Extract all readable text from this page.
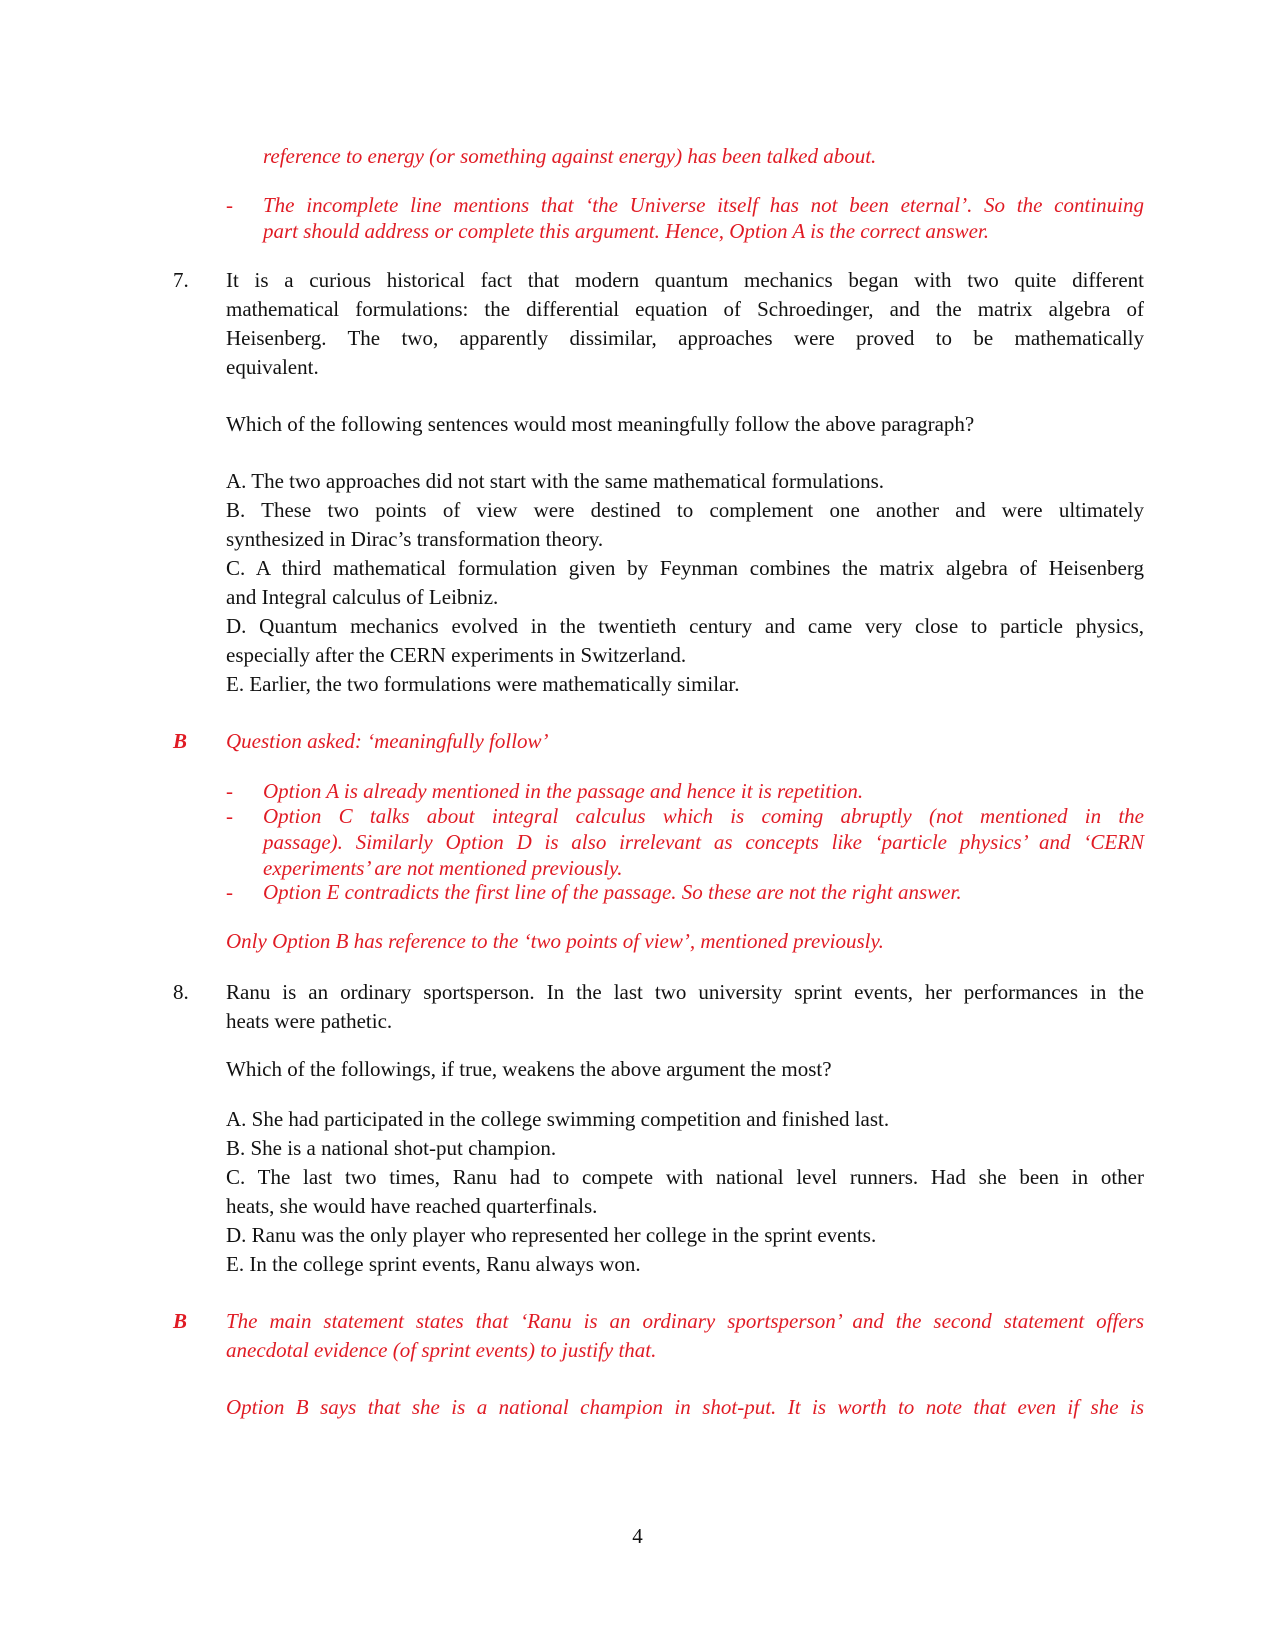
reference to energy (or something against energy) has been talked about.
- The incomplete line mentions that ‘the Universe itself has not been eternal’. So the continuing
part should address or complete this argument. Hence, Option A is the correct answer.
7. It is a curious historical fact that modern quantum mechanics began with two quite different
mathematical formulations: the differential equation of Schroedinger, and the matrix algebra of
Heisenberg. The two, apparently dissimilar, approaches were proved to be mathematically
equivalent.
Which of the following sentences would most meaningfully follow the above paragraph?
A. The two approaches did not start with the same mathematical formulations.
B. These two points of view were destined to complement one another and were ultimately
synthesized in Dirac’s transformation theory.
C. A third mathematical formulation given by Feynman combines the matrix algebra of Heisenberg
and Integral calculus of Leibniz.
D. Quantum mechanics evolved in the twentieth century and came very close to particle physics,
especially after the CERN experiments in Switzerland.
E. Earlier, the two formulations were mathematically similar.
B Question asked: ‘meaningfully follow’
- Option A is already mentioned in the passage and hence it is repetition.
- Option C talks about integral calculus which is coming abruptly (not mentioned in the
passage). Similarly Option D is also irrelevant as concepts like ‘particle physics’ and ‘CERN
experiments’ are not mentioned previously.
- Option E contradicts the first line of the passage. So these are not the right answer.
Only Option B has reference to the ‘two points of view’, mentioned previously.
8. Ranu is an ordinary sportsperson. In the last two university sprint events, her performances in the
heats were pathetic.
Which of the followings, if true, weakens the above argument the most?
A. She had participated in the college swimming competition and finished last.
B. She is a national shot-put champion.
C. The last two times, Ranu had to compete with national level runners. Had she been in other
heats, she would have reached quarterfinals.
D. Ranu was the only player who represented her college in the sprint events.
E. In the college sprint events, Ranu always won.
B The main statement states that ‘Ranu is an ordinary sportsperson’ and the second statement offers
anecdotal evidence (of sprint events) to justify that.
Option B says that she is a national champion in shot-put. It is worth to note that even if she is
4
